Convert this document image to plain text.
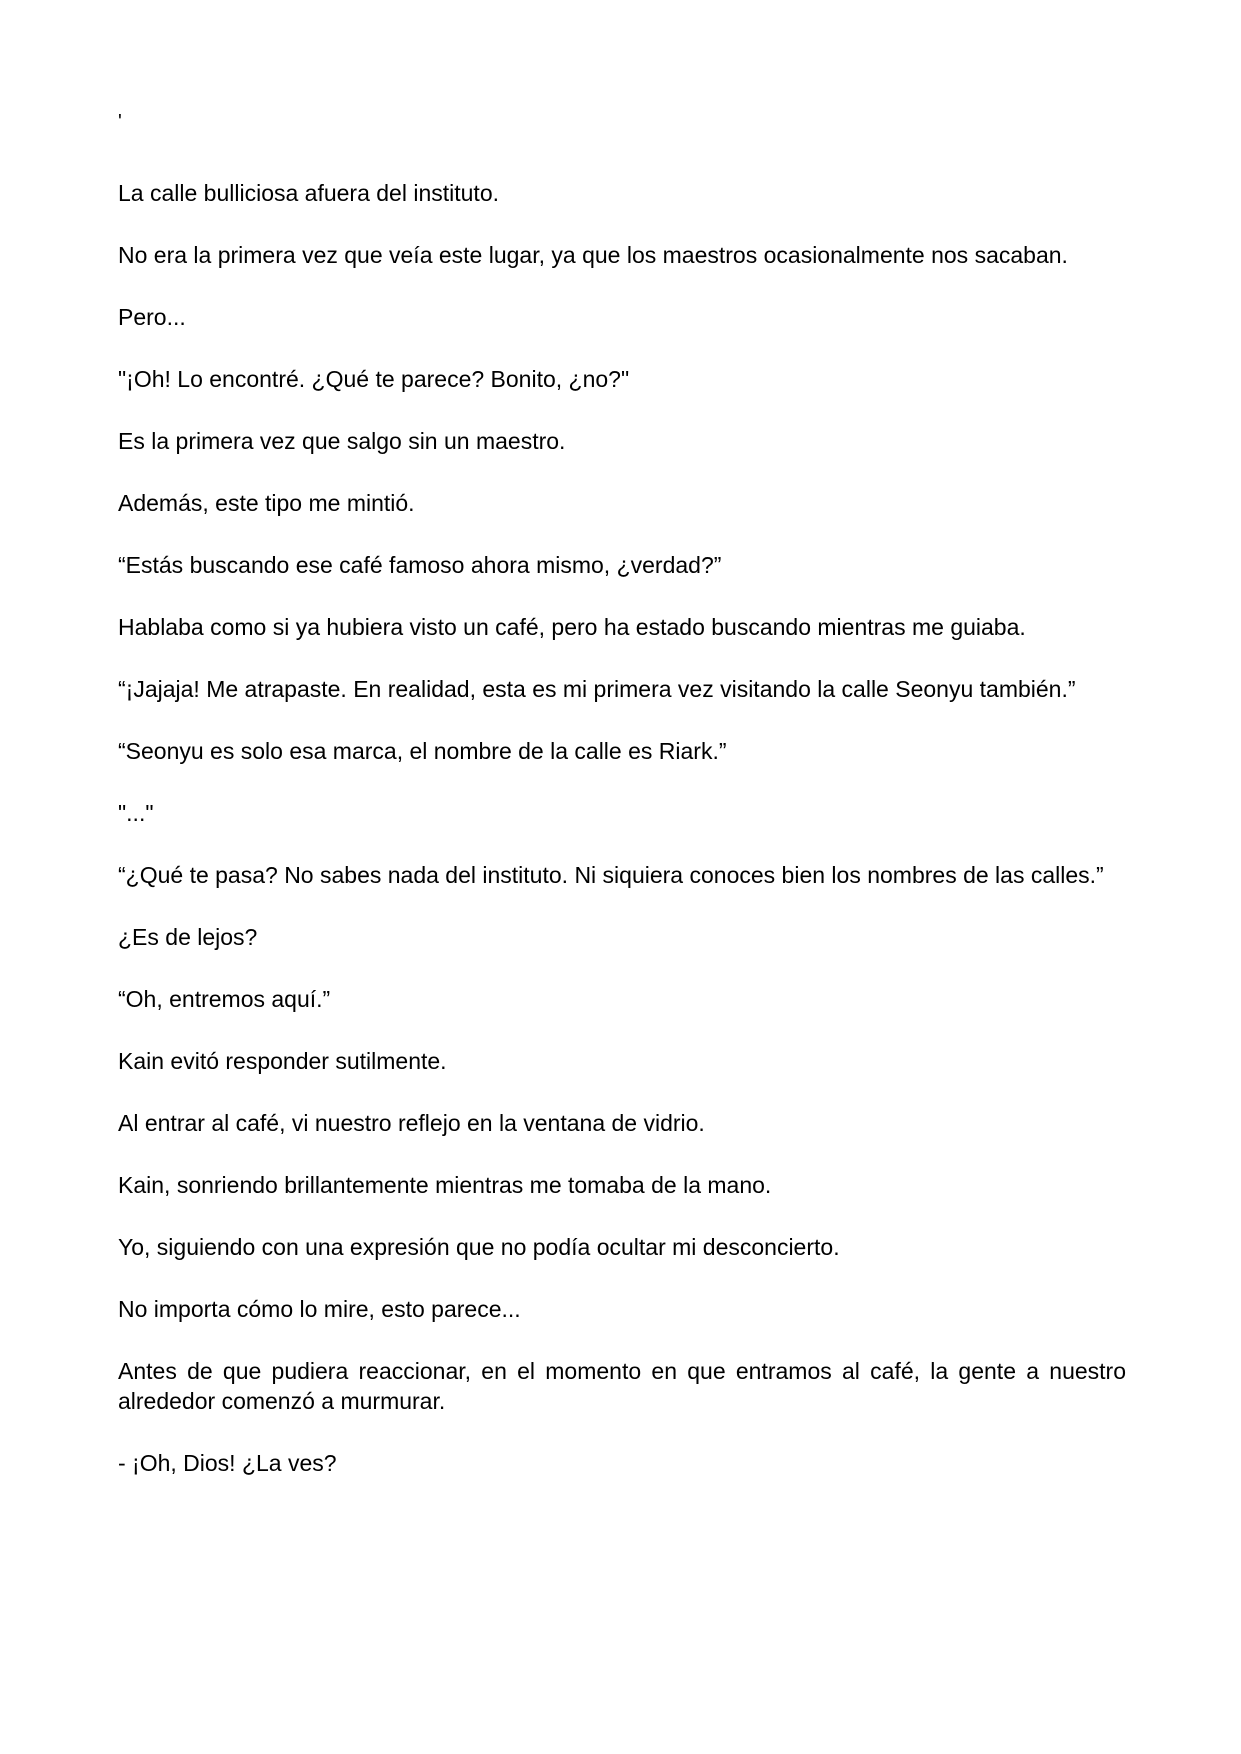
'

La calle bulliciosa afuera del instituto.

No era la primera vez que veía este lugar, ya que los maestros ocasionalmente nos sacaban.

Pero...

"¡Oh! Lo encontré. ¿Qué te parece? Bonito, ¿no?"

Es la primera vez que salgo sin un maestro.

Además, este tipo me mintió.

“Estás buscando ese café famoso ahora mismo, ¿verdad?”

Hablaba como si ya hubiera visto un café, pero ha estado buscando mientras me guiaba.

“¡Jajaja! Me atrapaste. En realidad, esta es mi primera vez visitando la calle Seonyu también.”

“Seonyu es solo esa marca, el nombre de la calle es Riark.”

"..."

“¿Qué te pasa? No sabes nada del instituto. Ni siquiera conoces bien los nombres de las calles.”

¿Es de lejos?

“Oh, entremos aquí.”

Kain evitó responder sutilmente.

Al entrar al café, vi nuestro reflejo en la ventana de vidrio.

Kain, sonriendo brillantemente mientras me tomaba de la mano.

Yo, siguiendo con una expresión que no podía ocultar mi desconcierto.

No importa cómo lo mire, esto parece...

Antes de que pudiera reaccionar, en el momento en que entramos al café, la gente a nuestro alrededor comenzó a murmurar.

- ¡Oh, Dios! ¿La ves?
